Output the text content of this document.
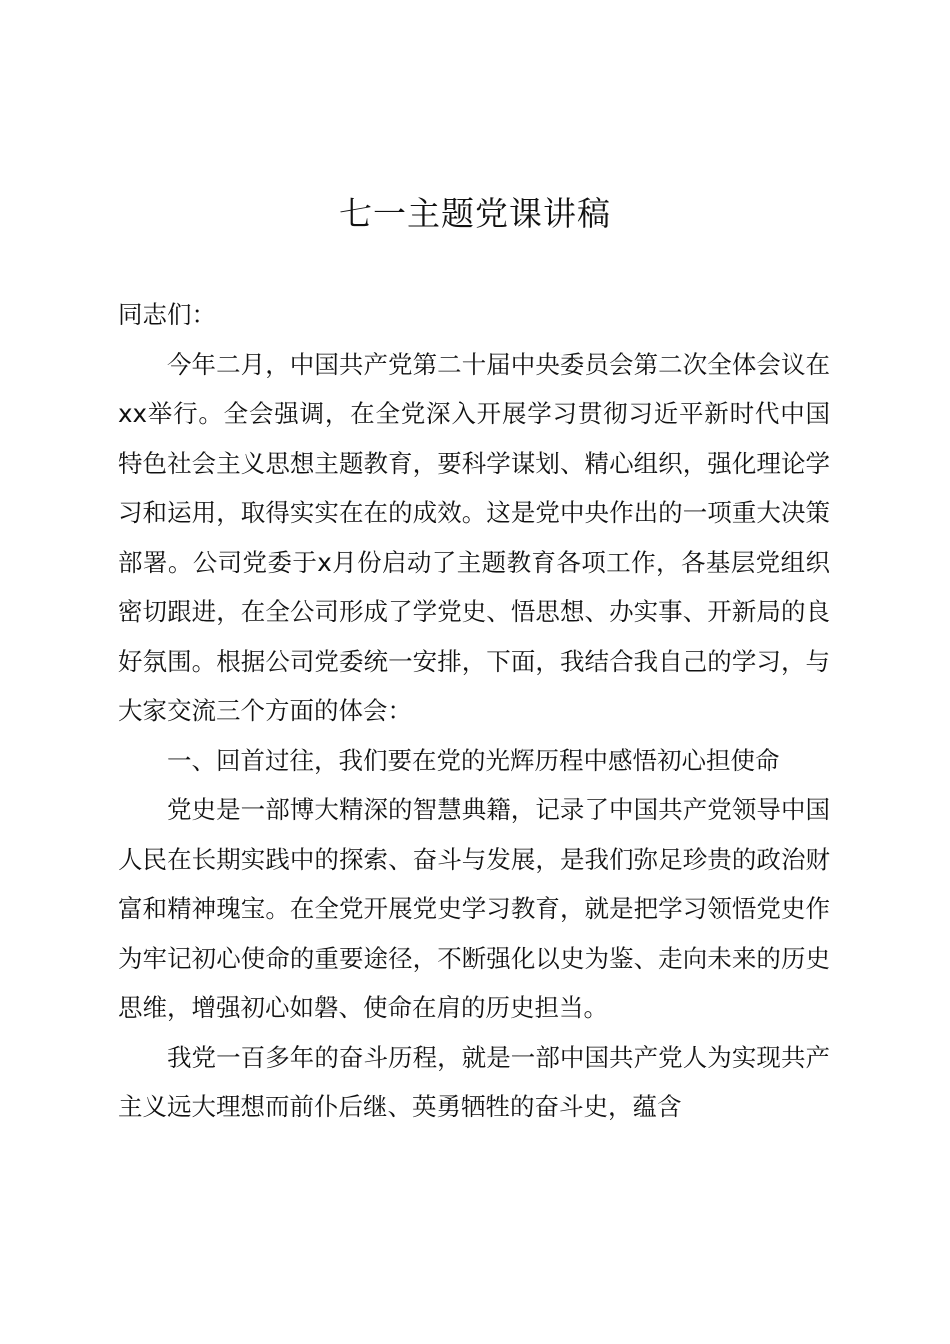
七一主题党课讲稿

同志们：

今年二月，中国共产党第二十届中央委员会第二次全体会议在xx举行。全会强调，在全党深入开展学习贯彻习近平新时代中国特色社会主义思想主题教育，要科学谋划、精心组织，强化理论学习和运用，取得实实在在的成效。这是党中央作出的一项重大决策部署。公司党委于x月份启动了主题教育各项工作，各基层党组织密切跟进，在全公司形成了学党史、悟思想、办实事、开新局的良好氛围。根据公司党委统一安排，下面，我结合我自己的学习，与大家交流三个方面的体会：

一、回首过往，我们要在党的光辉历程中感悟初心担使命

党史是一部博大精深的智慧典籍，记录了中国共产党领导中国人民在长期实践中的探索、奋斗与发展，是我们弥足珍贵的政治财富和精神瑰宝。在全党开展党史学习教育，就是把学习领悟党史作为牢记初心使命的重要途径，不断强化以史为鉴、走向未来的历史思维，增强初心如磐、使命在肩的历史担当。

我党一百多年的奋斗历程，就是一部中国共产党人为实现共产主义远大理想而前仆后继、英勇牺牲的奋斗史，蕴含
